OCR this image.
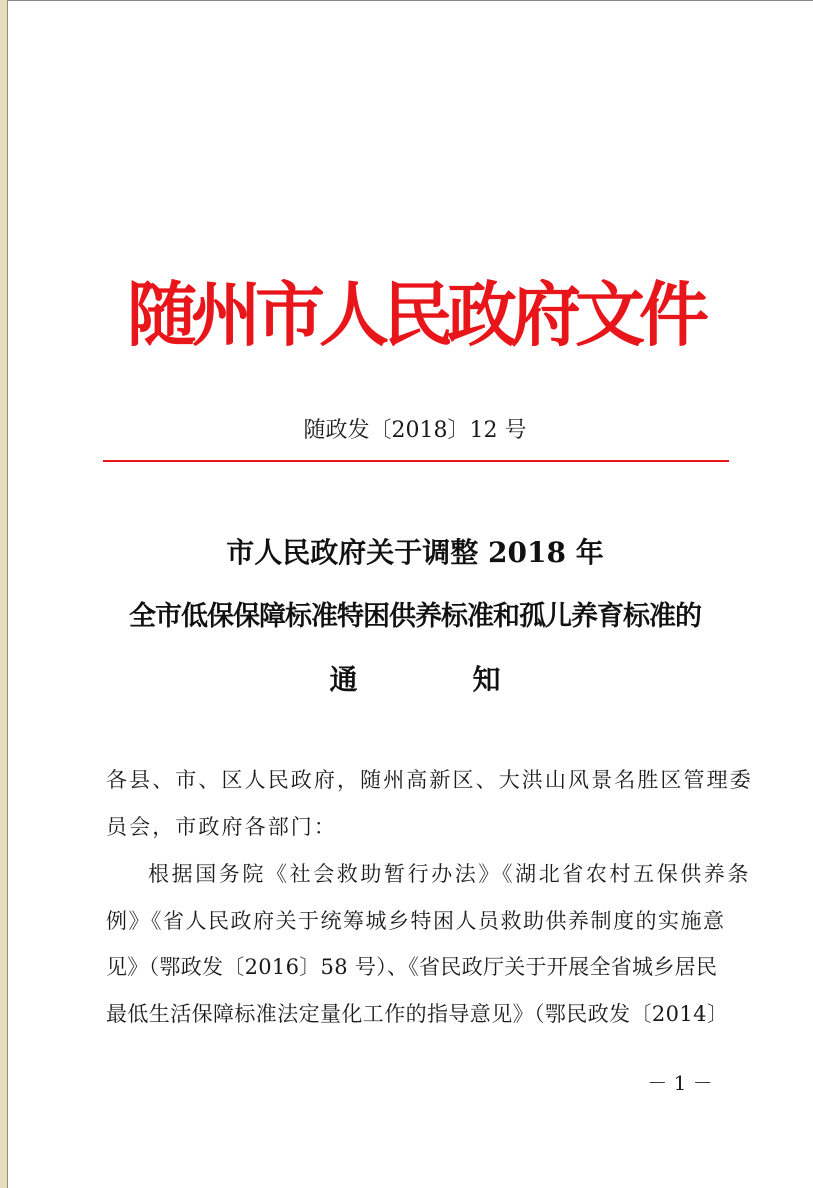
随州市人民政府文件
随政发〔2018〕12 号
市人民政府关于调整 2018 年
全市低保保障标准特困供养标准和孤儿养育标准的
通	知
各县、市、区人民政府，随州高新区、大洪山风景名胜区管理委
员会，市政府各部门：
根据国务院《社会救助暂行办法》《湖北省农村五保供养条
例》《省人民政府关于统筹城乡特困人员救助供养制度的实施意
见》（鄂政发〔2016〕58 号）、《省民政厅关于开展全省城乡居民
最低生活保障标准法定量化工作的指导意见》（鄂民政发〔2014〕
－ 1 －
